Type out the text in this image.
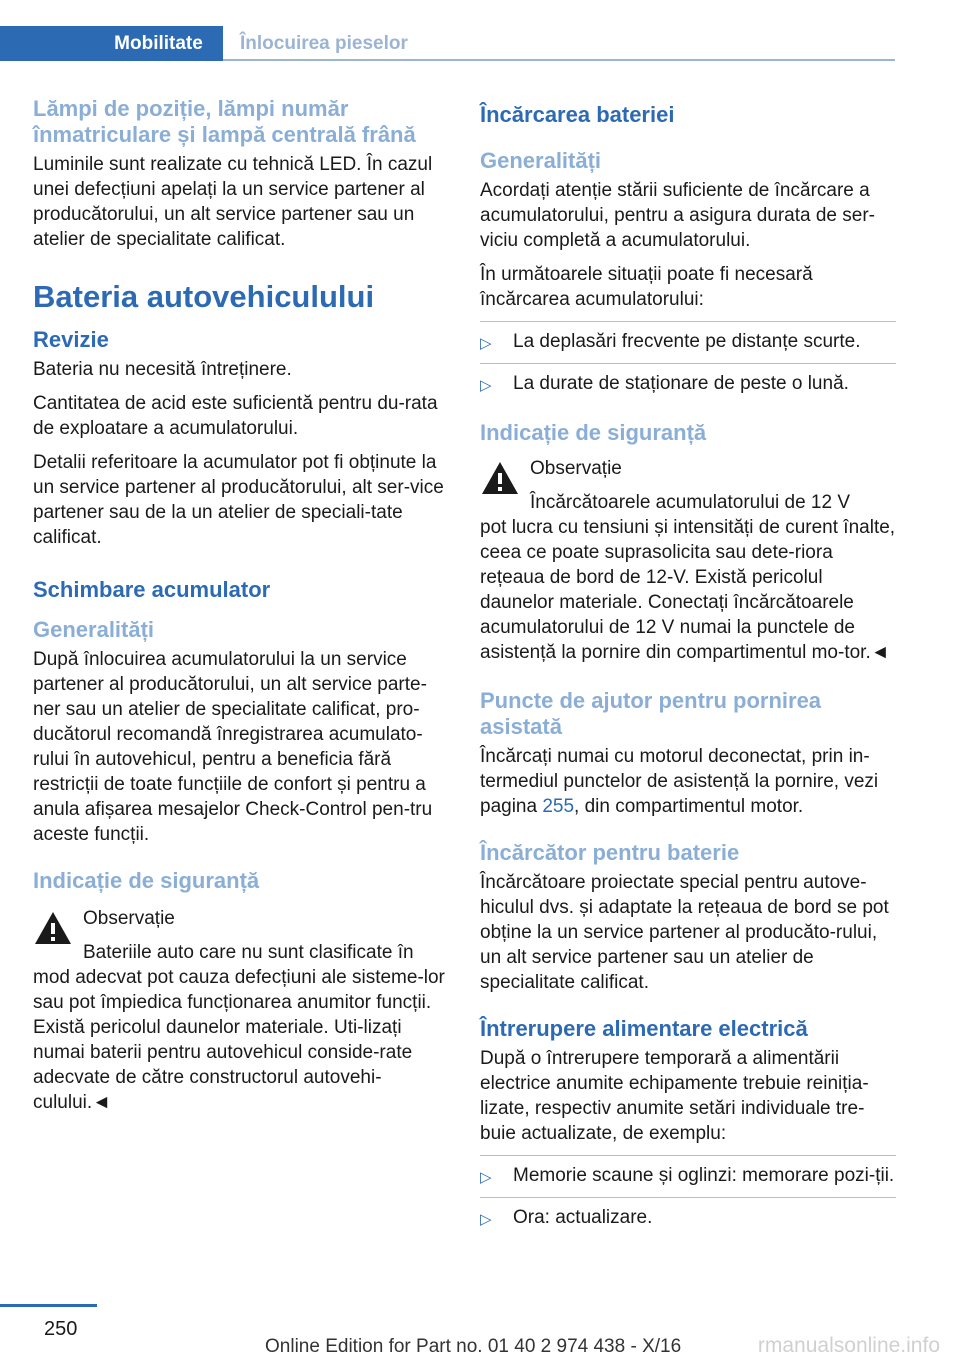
Mobilitate Înlocuirea pieselor
Lămpi de poziție, lămpi număr înmatriculare și lampă centrală frână

Luminile sunt realizate cu tehnică LED. În cazul unei defecțiuni apelați la un service partener al producătorului, un alt service partener sau un atelier de specialitate calificat.

Bateria autovehiculului
Revizie

Bateria nu necesită întreținere.

Cantitatea de acid este suficientă pentru du-rata de exploatare a acumulatorului.

Detalii referitoare la acumulator pot fi obținute la un service partener al producătorului, alt ser-vice partener sau de la un atelier de speciali-tate calificat.

Schimbare acumulator
Generalități

După înlocuirea acumulatorului la un service partener al producătorului, un alt service parte-ner sau un atelier de specialitate calificat, pro-ducătorul recomandă înregistrarea acumulato-rului în autovehicul, pentru a beneficia fără restricții de toate funcțiile de confort și pentru a anula afișarea mesajelor Check-Control pen-tru aceste funcții.

Indicație de siguranță

Observație

Bateriile auto care nu sunt clasificate în

mod adecvat pot cauza defecțiuni ale sisteme-lor sau pot împiedica funcționarea anumitor funcții. Există pericolul daunelor materiale. Uti-lizați numai baterii pentru autovehicul conside-rate adecvate de către constructorul autovehi-culului.◄

Încărcarea bateriei
Generalități

Acordați atenție stării suficiente de încărcare a acumulatorului, pentru a asigura durata de ser-viciu completă a acumulatorului.

În următoarele situații poate fi necesară încărcarea acumulatorului:

▷	La deplasări frecvente pe distanțe scurte.
▷	La durate de staționare de peste o lună.
Indicație de siguranță

Observație

Încărcătoarele acumulatorului de 12 V

pot lucra cu tensiuni și intensități de curent înalte, ceea ce poate suprasolicita sau dete-riora rețeaua de bord de 12-V. Există pericolul daunelor materiale. Conectați încărcătoarele acumulatorului de 12 V numai la punctele de asistență la pornire din compartimentul mo-tor.◄

Puncte de ajutor pentru pornirea asistată

Încărcați numai cu motorul deconectat, prin in-termediul punctelor de asistență la pornire, vezi pagina 255, din compartimentul motor.

Încărcător pentru baterie

Încărcătoare proiectate special pentru autove-hiculul dvs. și adaptate la rețeaua de bord se pot obține la un service partener al producăto-rului, un alt service partener sau un atelier de specialitate calificat.

Întrerupere alimentare electrică

După o întrerupere temporară a alimentării electrice anumite echipamente trebuie reiniția-lizate, respectiv anumite setări individuale tre-buie actualizate, de exemplu:

▷	Memorie scaune și oglinzi: memorare pozi-ții.
▷	Ora: actualizare.
250
Online Edition for Part no. 01 40 2 974 438 - X/16	rmanualsonline.info
